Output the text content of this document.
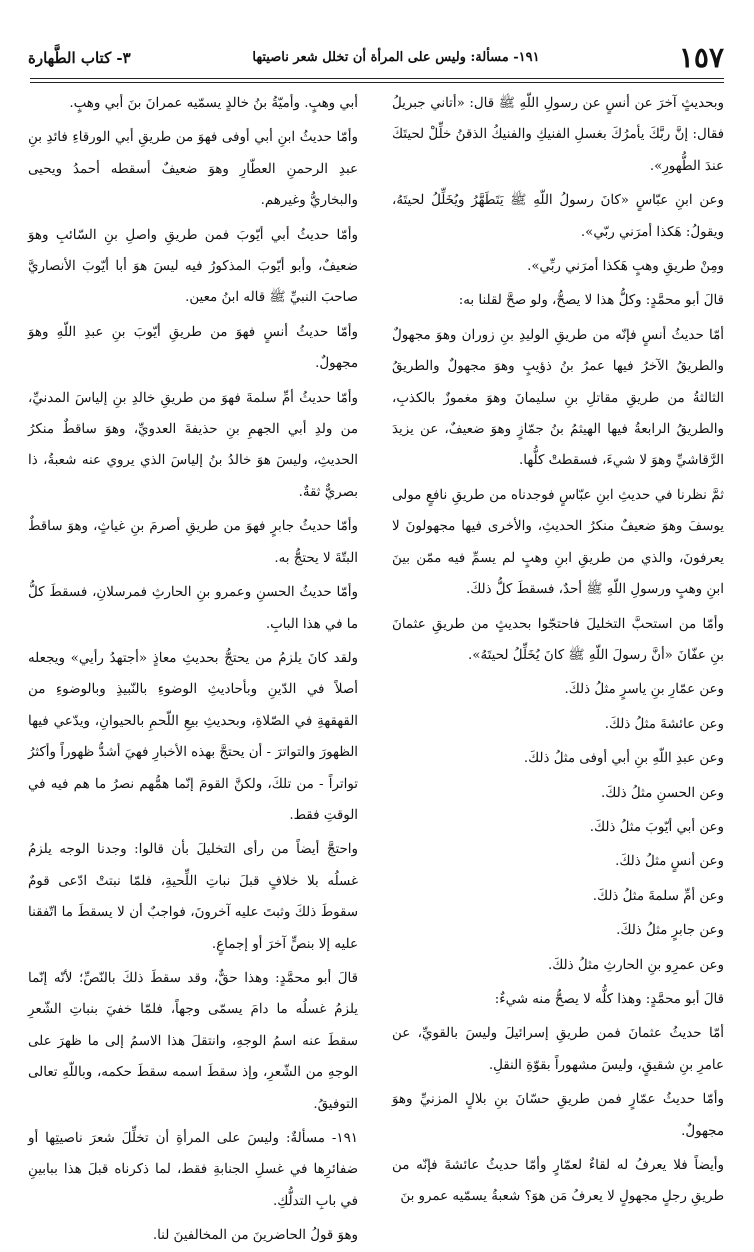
١٥٧
١٩١- مسألة: وليس على المرأة أن تخلل شعر ناصيتها
٣- كتاب الطَّهارة

وبحديثٍ آخرَ عن أنسٍ عن رسولِ اللّهِ ﷺ قال: «أتاني جبريلُ فقال: إنَّ ربَّكَ يأمرُكَ بغسلِ الفنيكِ والفنيكُ الذقنُ خلِّلْ لحيتَكَ عندَ الطُّهورِ».

وعن ابنِ عبّاسٍ «كانَ رسولُ اللّهِ ﷺ يَتَطَهَّرُ ويُخَلِّلُ لحيتَهُ، ويقولُ: هَكذا أمرَني ربّي».

ومِنْ طريقِ وهبٍ هَكذا أمرَني ربِّي».

قالَ أبو محمَّدٍ: وكلُّ هذا لا يصحُّ، ولو صحَّ لقلنا به:

أمّا حديثُ أنسٍ فإنّه من طريقِ الوليدِ بنِ زوران وهوَ مجهولٌ والطريقُ الآخرُ فيها عمرُ بنُ ذؤيبٍ وهوَ مجهولٌ والطريقُ الثالثةُ من طريقِ مقاتلِ بنِ سليمانَ وهوَ مغموزٌ بالكذبِ، والطريقُ الرابعةُ فيها الهيثمُ بنُ جمّازٍ وهوَ ضعيفٌ، عن يزيدَ الرَّقاشيِّ وهوَ لا شيءَ، فسقطتْ كلُّها.

ثمَّ نظرنا في حديثِ ابنِ عبّاسٍ فوجدناه من طريقِ نافعٍ مولى يوسفَ وهوَ ضعيفٌ منكرُ الحديثِ، والأخرى فيها مجهولونَ لا يعرفونَ، والذي من طريقِ ابنِ وهبٍ لم يسمِّ فيه ممّن بينَ ابنِ وهبٍ ورسولِ اللّهِ ﷺ أحدٌ، فسقطَ كلُّ ذلكَ.

وأمّا من استحبَّ التخليلَ فاحتجّوا بحديثٍ من طريقِ عثمانَ بنِ عفّانَ «أنَّ رسولَ اللّهِ ﷺ كانَ يُخَلِّلُ لحيتَهُ».

وعن عمّارِ بنِ ياسرٍ مثلُ ذلكَ.

وعن عائشةَ مثلُ ذلكَ.

وعن عبدِ اللّهِ بنِ أبي أوفى مثلُ ذلكَ.

وعن الحسنِ مثلُ ذلكَ.

وعن أبي أيّوبَ مثلُ ذلكَ.

وعن أنسٍ مثلُ ذلكَ.

وعن أمِّ سلمةَ مثلُ ذلكَ.

وعن جابرٍ مثلُ ذلكَ.

وعن عمرِو بنِ الحارثِ مثلُ ذلكَ.

قالَ أبو محمَّدٍ: وهذا كلُّه لا يصحُّ منه شيءٌ:

أمّا حديثُ عثمانَ فمن طريقِ إسرائيلَ وليسَ بالقويِّ، عن عامرِ بنِ شقيقٍ، وليسَ مشهوراً بقوّةِ النقلِ.

وأمّا حديثُ عمّارٍ فمن طريقِ حسّانَ بنِ بلالٍ المزنيِّ وهوَ مجهولٌ.

وأيضاً فلا يعرفُ له لقاءٌ لعمّارٍ وأمّا حديثُ عائشةَ فإنّه من طريقِ رجلٍ مجهولٍ لا يعرفُ مَن هوَ؟ شعبةُ يسمّيه عمرو بنَ

أبي وهبٍ. وأميّةُ بنُ خالدٍ يسمّيه عمرانَ بنَ أبي وهبٍ.

وأمّا حديثُ ابنِ أبي أوفى فهوَ من طريقِ أبي الورقاءِ فائدِ بنِ عبدِ الرحمنِ العطّارِ وهوَ ضعيفٌ أسقطه أحمدُ ويحيى والبخاريُّ وغيرهم.

وأمّا حديثُ أبي أيّوبَ فمن طريقِ واصلِ بنِ السّائبِ وهوَ ضعيفٌ، وأبو أيّوبَ المذكورُ فيه ليسَ هوَ أبا أيّوبَ الأنصاريَّ صاحبَ النبيِّ ﷺ قاله ابنُ معين.

وأمّا حديثُ أنسٍ فهوَ من طريقِ أيّوبَ بنِ عبدِ اللّهِ وهوَ مجهولٌ.

وأمّا حديثُ أمِّ سلمةَ فهوَ من طريقِ خالدِ بنِ إلياسَ المدنيِّ، من ولدِ أبي الجهمِ بنِ حذيفةَ العدويِّ، وهوَ ساقطٌ منكرُ الحديثِ، وليسَ هوَ خالدُ بنُ إلياسَ الذي يروي عنه شعبةُ، ذا بصريٌّ ثقةٌ.

وأمّا حديثُ جابرٍ فهوَ من طريقِ أصرمَ بنِ غياثٍ، وهوَ ساقطٌ البتّةَ لا يحتجُّ به.

وأمّا حديثُ الحسنِ وعمرو بنِ الحارثِ فمرسلانِ، فسقطَ كلُّ ما في هذا البابِ.

ولقد كانَ يلزمُ من يحتجُّ بحديثِ معاذٍ «أجتهدُ رأيي» ويجعله أصلاً في الدّينِ وبأحاديثِ الوضوءِ بالنّبيذِ وبالوضوءِ من القهقهةِ في الصّلاةِ، وبحديثِ بيعِ اللّحمِ بالحيوانِ، ويدّعي فيها الظهورَ والتواترَ - أن يحتجَّ بهذه الأخبارِ فهيَ أشدُّ ظهوراً وأكثرُ تواتراً - من تلكَ، ولكنَّ القومَ إنّما همُّهم نصرُ ما هم فيه في الوقتِ فقط.

واحتجَّ أيضاً من رأى التخليلَ بأن قالوا: وجدنا الوجه يلزمُ غسلُه بلا خلافٍ قبلَ نباتِ اللِّحيةِ، فلمّا نبتتْ ادّعى قومٌ سقوطَ ذلكَ وثبتَ عليه آخرونَ، فواجبٌ أن لا يسقطَ ما اتّفقنا عليه إلا بنصٍّ آخرَ أو إجماعٍ.

قالَ أبو محمَّدٍ: وهذا حقٌّ، وقد سقطَ ذلكَ بالنّصِّ؛ لأنّه إنّما يلزمُ غسلُه ما دامَ يسمّى وجهاً، فلمّا خفيَ بنباتِ الشّعرِ سقطَ عنه اسمُ الوجهِ، وانتقلَ هذا الاسمُ إلى ما ظهرَ على الوجهِ من الشّعرِ، وإذ سقطَ اسمه سقطَ حكمه، وباللّهِ تعالى التوفيقُ.

١٩١- مسألةٌ: وليسَ على المرأةِ أن تخلِّلَ شعرَ ناصيتِها أو ضفائرِها في غسلِ الجنابةِ فقط، لما ذكرناه قبلَ هذا ببابينِ في بابِ التدلُّكِ.

وهوَ قولُ الحاضرينَ من المخالفينَ لنا.
